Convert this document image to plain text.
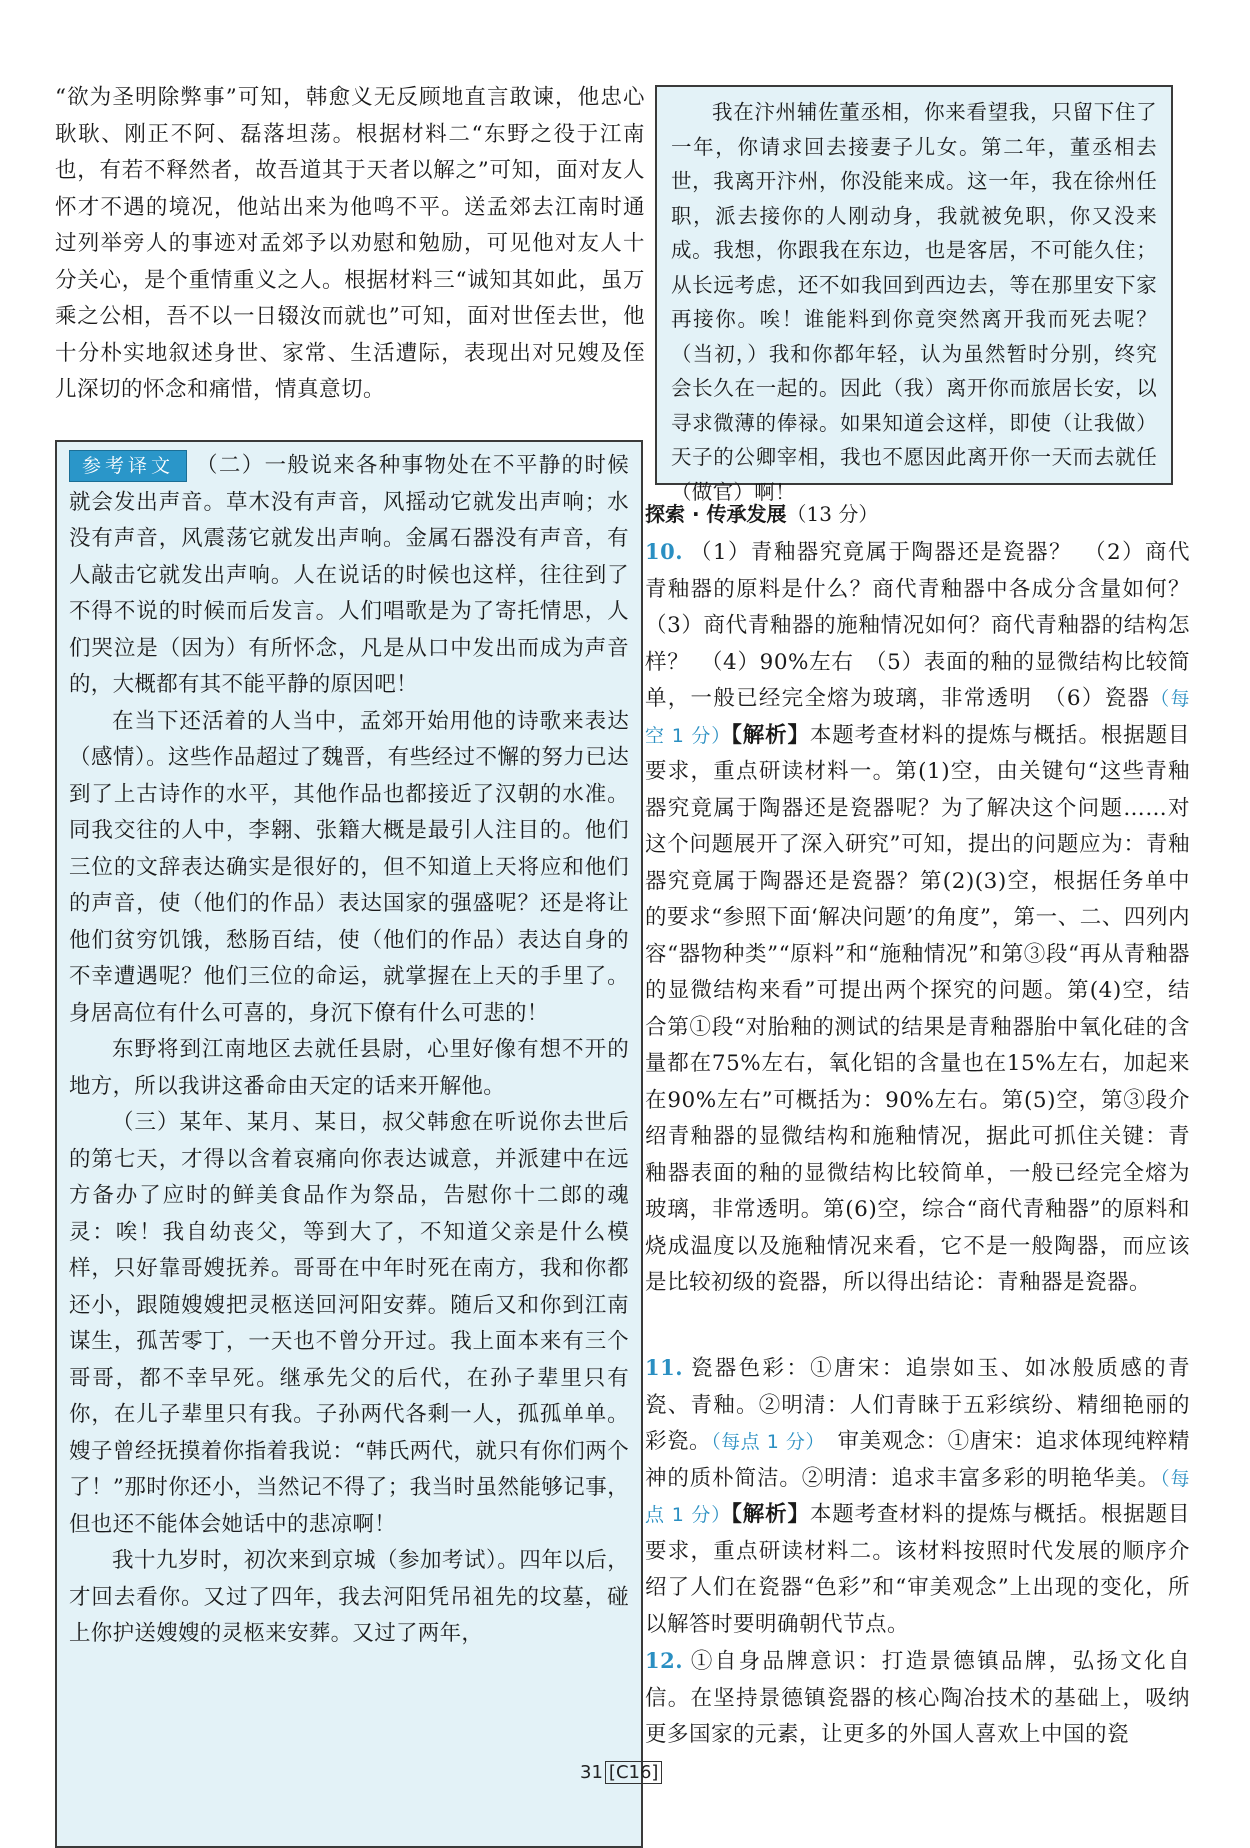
“欲为圣明除弊事”可知，韩愈义无反顾地直言敢谏，他忠心耿耿、刚正不阿、磊落坦荡。根据材料二“东野之役于江南也，有若不释然者，故吾道其于天者以解之”可知，面对友人怀才不遇的境况，他站出来为他鸣不平。送孟郊去江南时通过列举旁人的事迹对孟郊予以劝慰和勉励，可见他对友人十分关心，是个重情重义之人。根据材料三“诚知其如此，虽万乘之公相，吾不以一日辍汝而就也”可知，面对世侄去世，他十分朴实地叙述身世、家常、生活遭际，表现出对兄嫂及侄儿深切的怀念和痛惜，情真意切。

参考译文 （二）一般说来各种事物处在不平静的时候就会发出声音。草木没有声音，风摇动它就发出声响；水没有声音，风震荡它就发出声响。金属石器没有声音，有人敲击它就发出声响。人在说话的时候也这样，往往到了不得不说的时候而后发言。人们唱歌是为了寄托情思，人们哭泣是（因为）有所怀念，凡是从口中发出而成为声音的，大概都有其不能平静的原因吧！

在当下还活着的人当中，孟郊开始用他的诗歌来表达（感情）。这些作品超过了魏晋，有些经过不懈的努力已达到了上古诗作的水平，其他作品也都接近了汉朝的水准。同我交往的人中，李翱、张籍大概是最引人注目的。他们三位的文辞表达确实是很好的，但不知道上天将应和他们的声音，使（他们的作品）表达国家的强盛呢？还是将让他们贫穷饥饿，愁肠百结，使（他们的作品）表达自身的不幸遭遇呢？他们三位的命运，就掌握在上天的手里了。身居高位有什么可喜的，身沉下僚有什么可悲的！

东野将到江南地区去就任县尉，心里好像有想不开的地方，所以我讲这番命由天定的话来开解他。

（三）某年、某月、某日，叔父韩愈在听说你去世后的第七天，才得以含着哀痛向你表达诚意，并派建中在远方备办了应时的鲜美食品作为祭品，告慰你十二郎的魂灵：唉！我自幼丧父，等到大了，不知道父亲是什么模样，只好靠哥嫂抚养。哥哥在中年时死在南方，我和你都还小，跟随嫂嫂把灵柩送回河阳安葬。随后又和你到江南谋生，孤苦零丁，一天也不曾分开过。我上面本来有三个哥哥，都不幸早死。继承先父的后代，在孙子辈里只有你，在儿子辈里只有我。子孙两代各剩一人，孤孤单单。嫂子曾经抚摸着你指着我说：“韩氏两代，就只有你们两个了！”那时你还小，当然记不得了；我当时虽然能够记事，但也还不能体会她话中的悲凉啊！

我十九岁时，初次来到京城（参加考试）。四年以后，才回去看你。又过了四年，我去河阳凭吊祖先的坟墓，碰上你护送嫂嫂的灵柩来安葬。又过了两年，

我在汴州辅佐董丞相，你来看望我，只留下住了一年，你请求回去接妻子儿女。第二年，董丞相去世，我离开汴州，你没能来成。这一年，我在徐州任职，派去接你的人刚动身，我就被免职，你又没来成。我想，你跟我在东边，也是客居，不可能久住；从长远考虑，还不如我回到西边去，等在那里安下家再接你。唉！谁能料到你竟突然离开我而死去呢？（当初，）我和你都年轻，认为虽然暂时分别，终究会长久在一起的。因此（我）离开你而旅居长安，以寻求微薄的俸禄。如果知道会这样，即使（让我做）天子的公卿宰相，我也不愿因此离开你一天而去就任（做官）啊！

探索 · 传承发展（13 分）

10. （1）青釉器究竟属于陶器还是瓷器？　（2）商代青釉器的原料是什么？商代青釉器中各成分含量如何？　（3）商代青釉器的施釉情况如何？商代青釉器的结构怎样？　（4）90%左右　（5）表面的釉的显微结构比较简单，一般已经完全熔为玻璃，非常透明　（6）瓷器（每空 1 分）【解析】本题考查材料的提炼与概括。根据题目要求，重点研读材料一。第(1)空，由关键句“这些青釉器究竟属于陶器还是瓷器呢？为了解决这个问题……对这个问题展开了深入研究”可知，提出的问题应为：青釉器究竟属于陶器还是瓷器？第(2)(3)空，根据任务单中的要求“参照下面‘解决问题’的角度”，第一、二、四列内容“器物种类”“原料”和“施釉情况”和第③段“再从青釉器的显微结构来看”可提出两个探究的问题。第(4)空，结合第①段“对胎釉的测试的结果是青釉器胎中氧化硅的含量都在75%左右，氧化铝的含量也在15%左右，加起来在90%左右”可概括为：90%左右。第(5)空，第③段介绍青釉器的显微结构和施釉情况，据此可抓住关键：青釉器表面的釉的显微结构比较简单，一般已经完全熔为玻璃，非常透明。第(6)空，综合“商代青釉器”的原料和烧成温度以及施釉情况来看，它不是一般陶器，而应该是比较初级的瓷器，所以得出结论：青釉器是瓷器。

11. 瓷器色彩：①唐宋：追崇如玉、如冰般质感的青瓷、青釉。②明清：人们青睐于五彩缤纷、精细艳丽的彩瓷。（每点 1 分）　审美观念：①唐宋：追求体现纯粹精神的质朴简洁。②明清：追求丰富多彩的明艳华美。（每点 1 分）【解析】本题考查材料的提炼与概括。根据题目要求，重点研读材料二。该材料按照时代发展的顺序介绍了人们在瓷器“色彩”和“审美观念”上出现的变化，所以解答时要明确朝代节点。

12. ①自身品牌意识：打造景德镇品牌，弘扬文化自信。在坚持景德镇瓷器的核心陶冶技术的基础上，吸纳更多国家的元素，让更多的外国人喜欢上中国的瓷

31 [C16]
